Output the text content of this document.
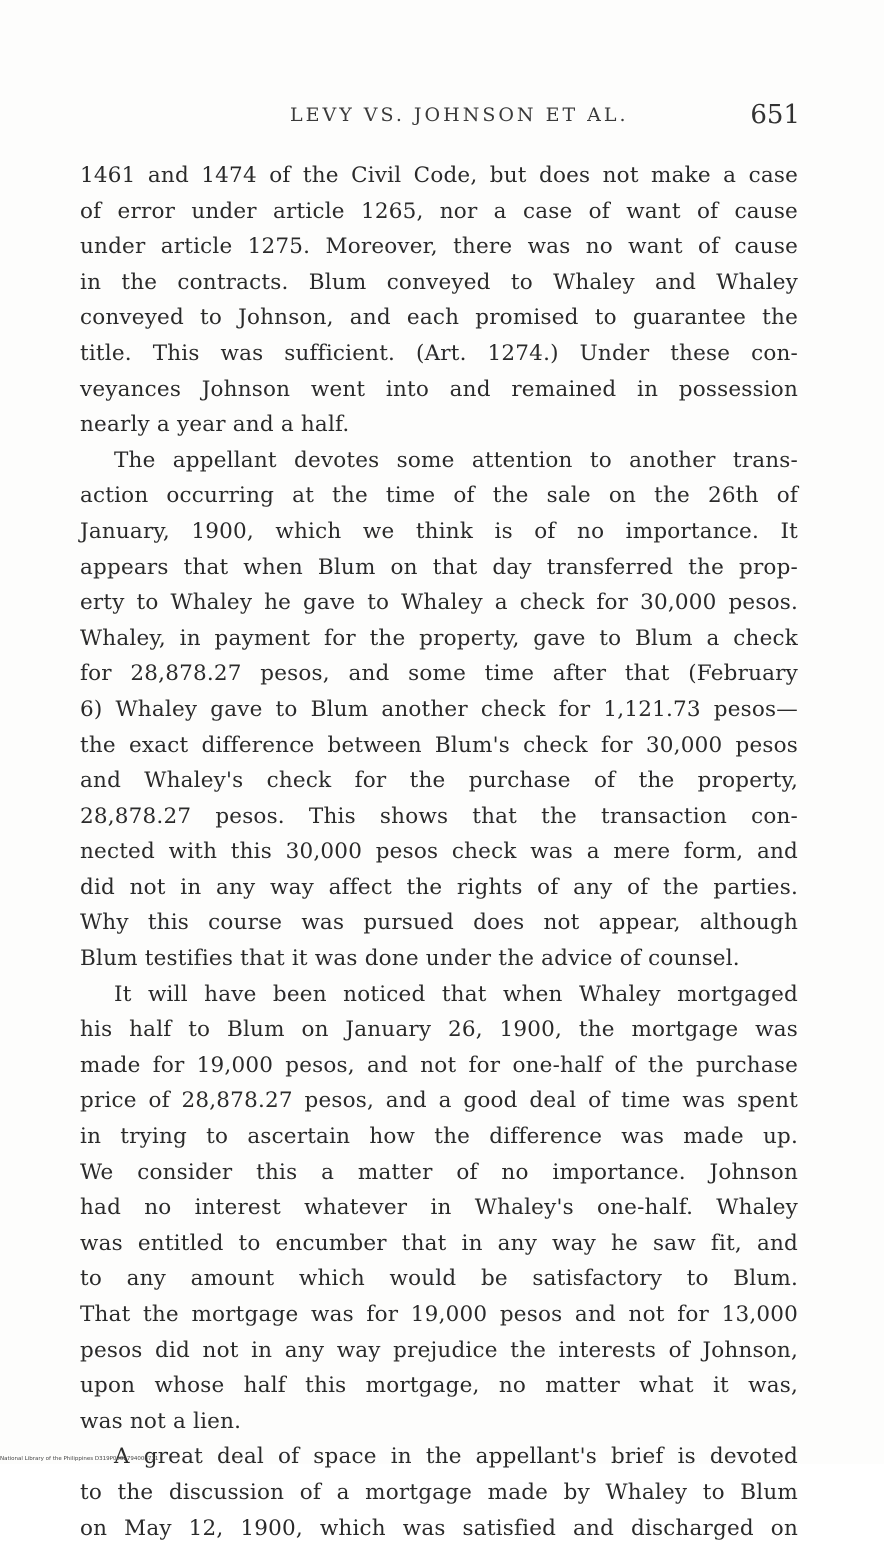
LEVY VS. JOHNSON ET AL.	651
1461 and 1474 of the Civil Code, but does not make a case
of error under article 1265, nor a case of want of cause
under article 1275. Moreover, there was no want of cause
in the contracts. Blum conveyed to Whaley and Whaley
conveyed to Johnson, and each promised to guarantee the
title. This was sufficient. (Art. 1274.) Under these con-
veyances Johnson went into and remained in possession
nearly a year and a half.
The appellant devotes some attention to another trans-
action occurring at the time of the sale on the 26th of
January, 1900, which we think is of no importance. It
appears that when Blum on that day transferred the prop-
erty to Whaley he gave to Whaley a check for 30,000 pesos.
Whaley, in payment for the property, gave to Blum a check
for 28,878.27 pesos, and some time after that (February
6) Whaley gave to Blum another check for 1,121.73 pesos—
the exact difference between Blum's check for 30,000 pesos
and Whaley's check for the purchase of the property,
28,878.27 pesos. This shows that the transaction con-
nected with this 30,000 pesos check was a mere form, and
did not in any way affect the rights of any of the parties.
Why this course was pursued does not appear, although
Blum testifies that it was done under the advice of counsel.
It will have been noticed that when Whaley mortgaged
his half to Blum on January 26, 1900, the mortgage was
made for 19,000 pesos, and not for one-half of the purchase
price of 28,878.27 pesos, and a good deal of time was spent
in trying to ascertain how the difference was made up.
We consider this a matter of no importance. Johnson
had no interest whatever in Whaley's one-half. Whaley
was entitled to encumber that in any way he saw fit, and
to any amount which would be satisfactory to Blum.
That the mortgage was for 19,000 pesos and not for 13,000
pesos did not in any way prejudice the interests of Johnson,
upon whose half this mortgage, no matter what it was,
was not a lien.
A great deal of space in the appellant's brief is devoted
to the discussion of a mortgage made by Whaley to Blum
on May 12, 1900, which was satisfied and discharged on
National Library of the Philippines D319P0002794008731
